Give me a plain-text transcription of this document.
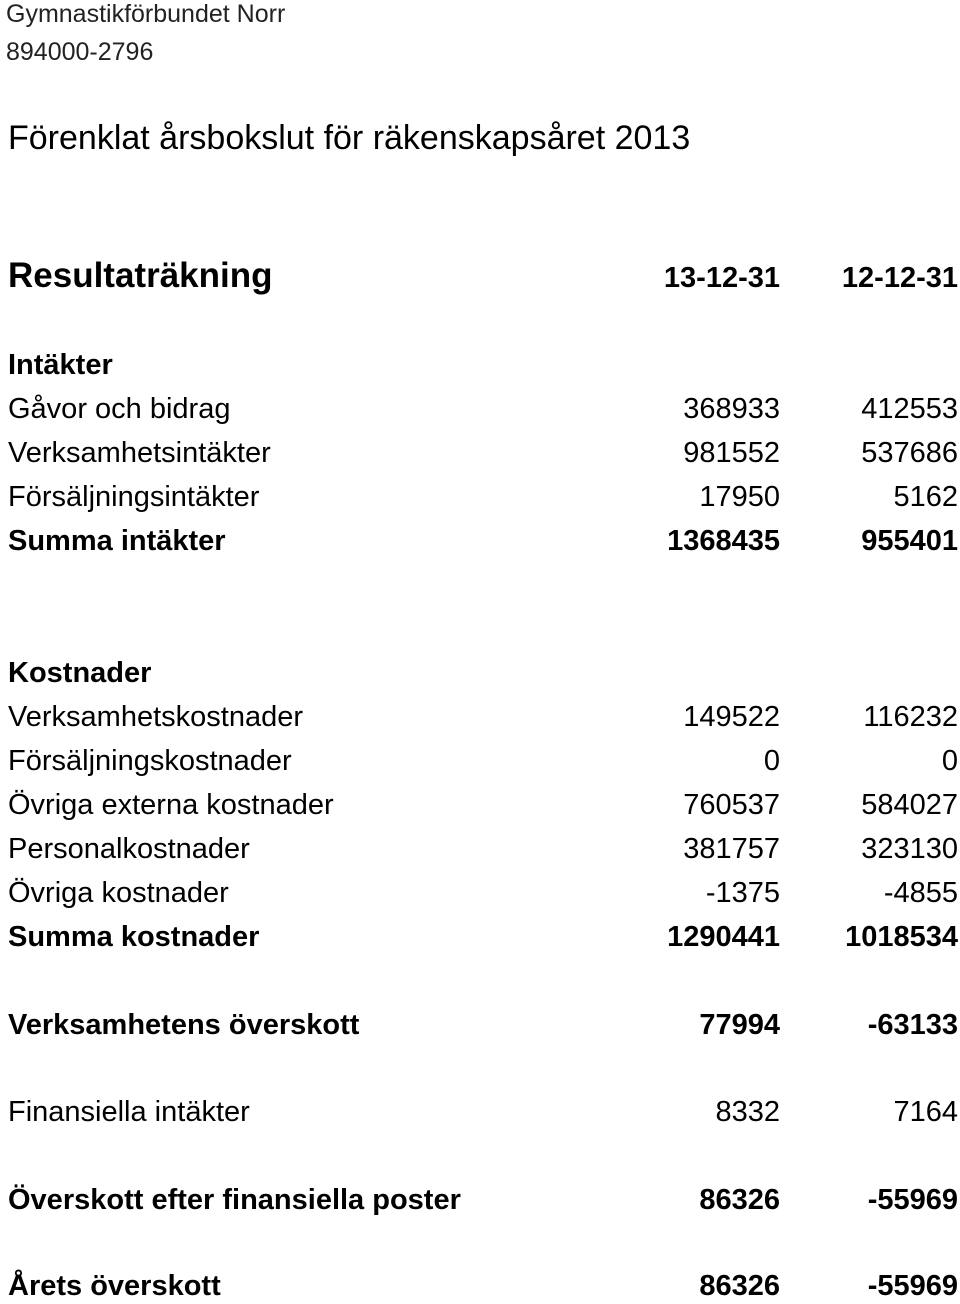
Gymnastikförbundet Norr
894000-2796
Förenklat årsbokslut för räkenskapsåret 2013
Resultaträkning	13-12-31 12-12-31
Intäkter
Gåvor och bidrag	368933	412553
Verksamhetsintäkter	981552	537686
Försäljningsintäkter	17950	5162
Summa intäkter	1368435	955401
Kostnader
Verksamhetskostnader	149522	116232
Försäljningskostnader	0	0
Övriga externa kostnader	760537	584027
Personalkostnader	381757	323130
Övriga kostnader	-1375	-4855
Summa kostnader	1290441 1018534
Verksamhetens överskott	77994	-63133
Finansiella intäkter	8332	7164
Överskott efter finansiella poster	86326	-55969
Årets överskott	86326	-55969
